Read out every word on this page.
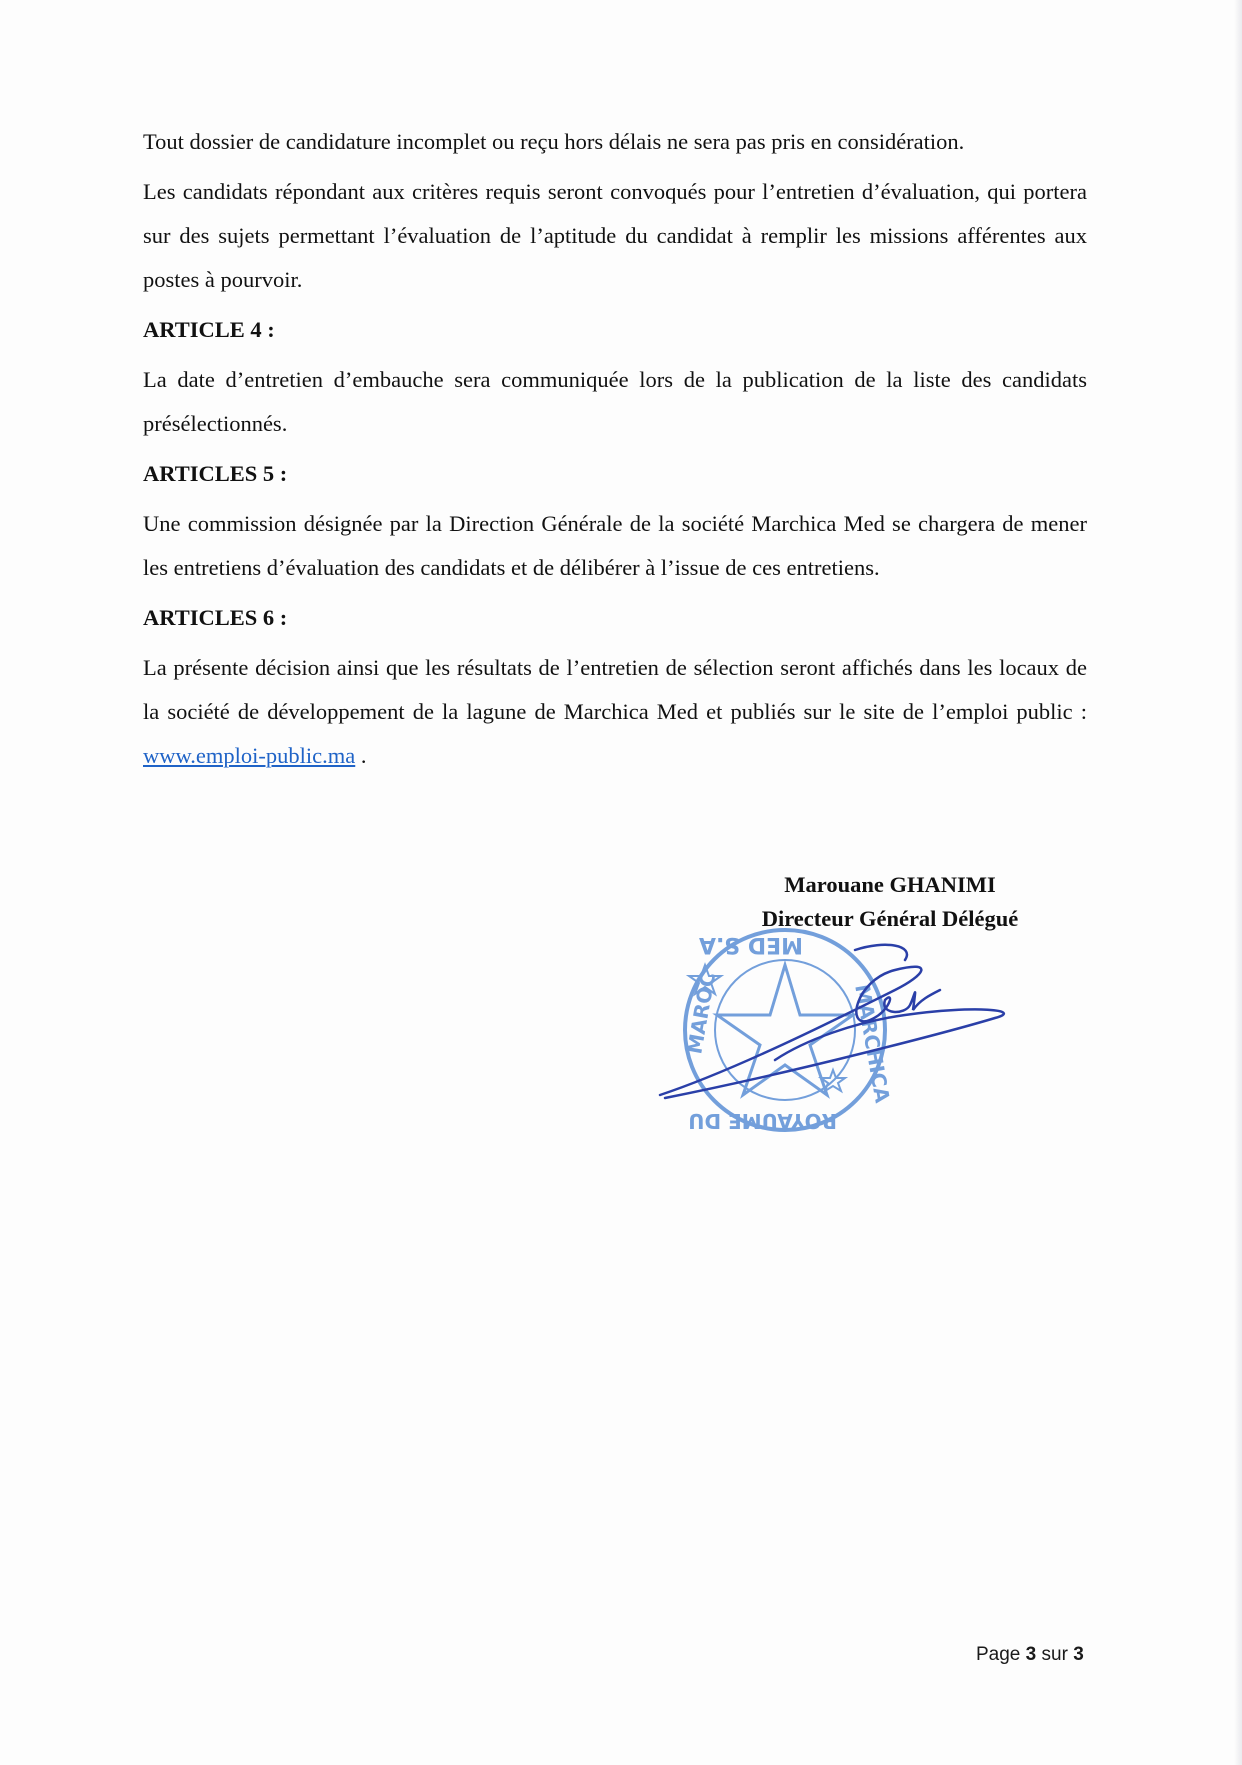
Tout dossier de candidature incomplet ou reçu hors délais ne sera pas pris en considération.

Les candidats répondant aux critères requis seront convoqués pour l’entretien d’évaluation, qui portera sur des sujets permettant l’évaluation de l’aptitude du candidat à remplir les missions afférentes aux postes à pourvoir.

ARTICLE 4 :

La date d’entretien d’embauche sera communiquée lors de la publication de la liste des candidats présélectionnés.

ARTICLES 5 :

Une commission désignée par la Direction Générale de la société Marchica Med se chargera de mener les entretiens d’évaluation des candidats et de délibérer à l’issue de ces entretiens.

ARTICLES 6 :

La présente décision ainsi que les résultats de l’entretien de sélection seront affichés dans les locaux de la société de développement de la lagune de Marchica Med et publiés sur le site de l’emploi public : www.emploi-public.ma .

Marouane GHANIMI
Directeur Général Délégué
MED S.A
MAROC
ROYAUME DU
MARCHICA
Page 3 sur 3
